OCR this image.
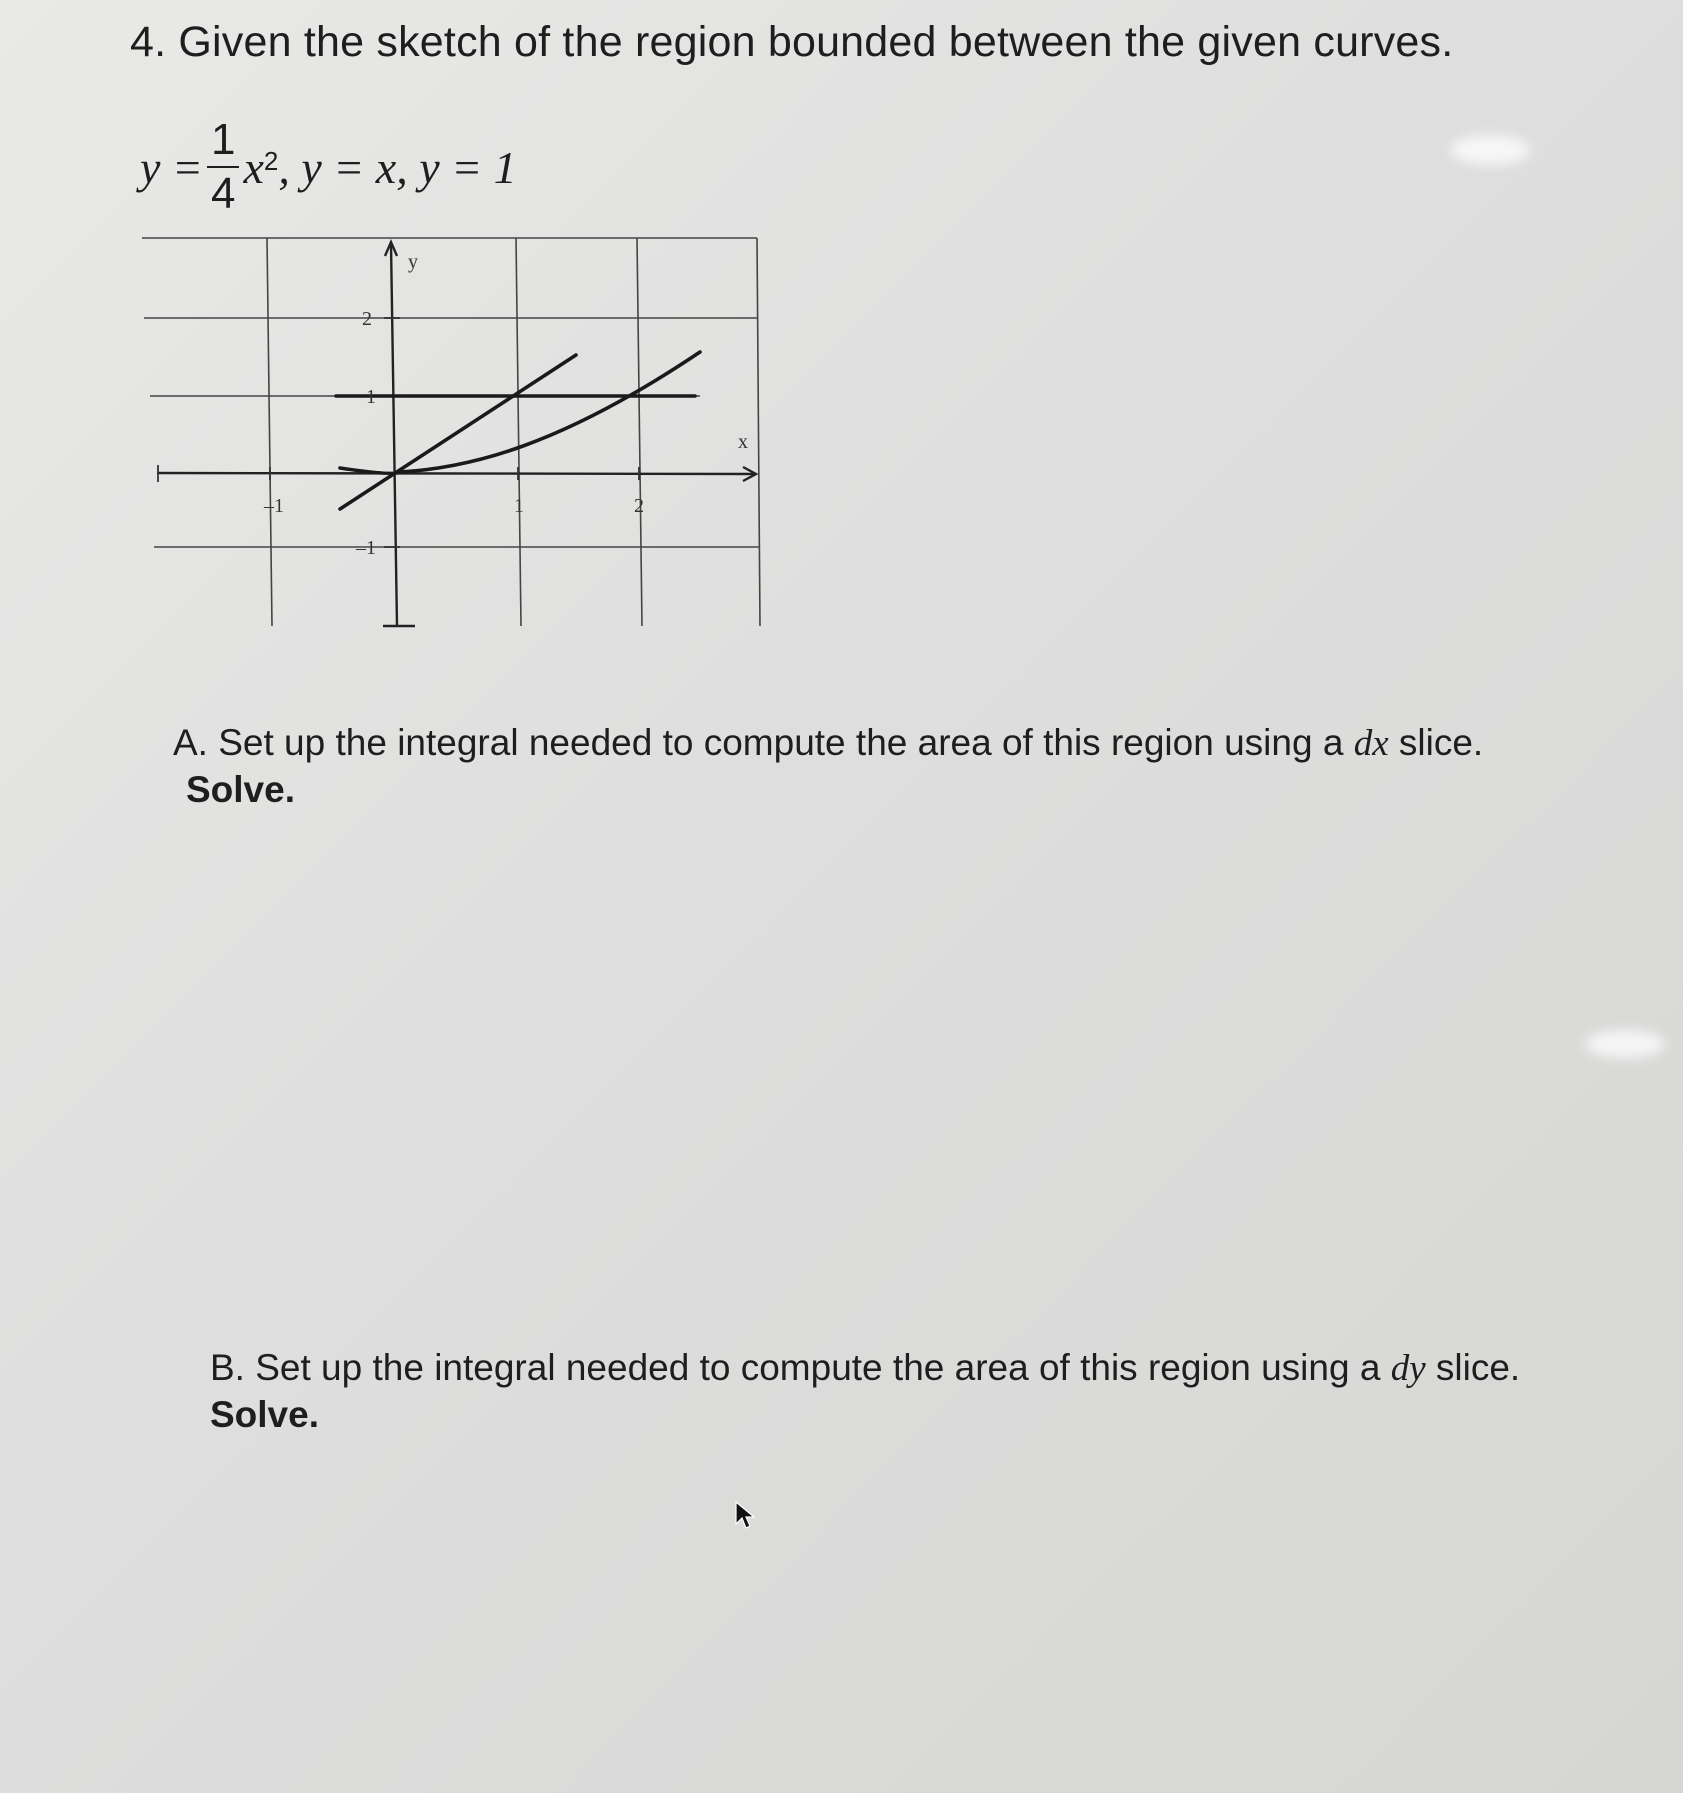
4. Given the sketch of the region bounded between the given curves.
$y = \frac{1}{4} x^2$ , y = x, y = 1
y
x
2
1
–1
–1	1	2
A. Set up the integral needed to compute the area of this region using a dx slice.
Solve.
B. Set up the integral needed to compute the area of this region using a dy slice.
Solve.
